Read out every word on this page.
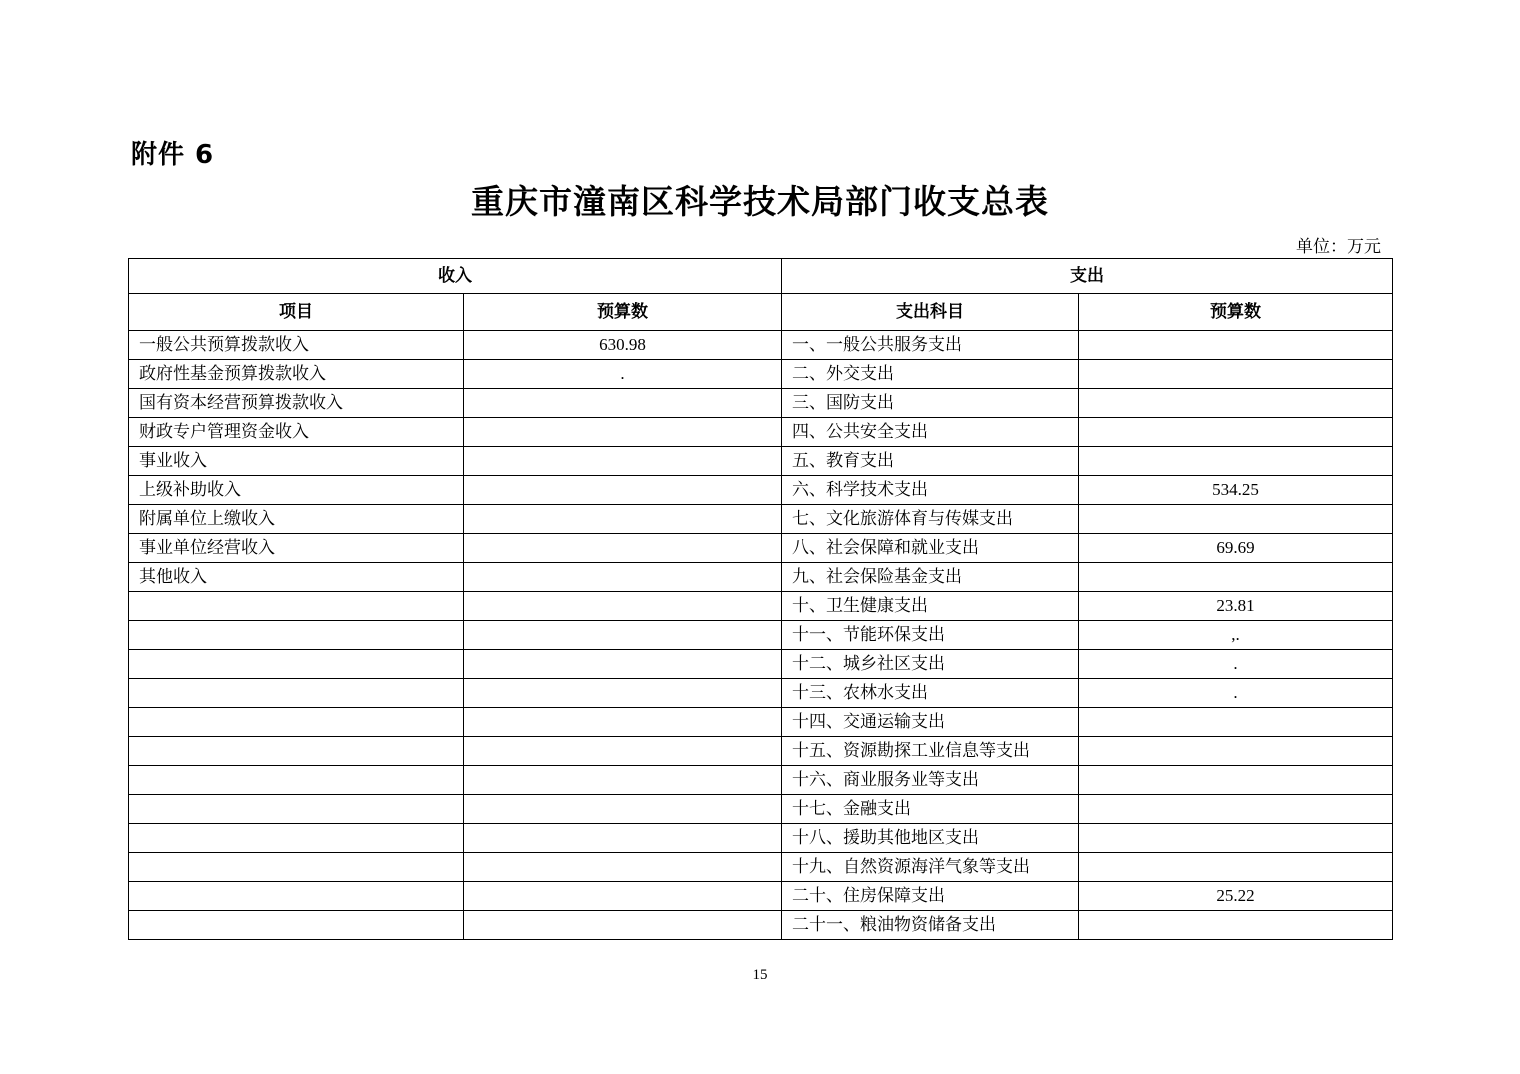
附件 6
重庆市潼南区科学技术局部门收支总表
单位：万元
收入		支出	
项目	预算数	支出科目	预算数
一般公共预算拨款收入	630.98	一、一般公共服务支出	
政府性基金预算拨款收入	.	二、外交支出	
国有资本经营预算拨款收入		三、国防支出	
财政专户管理资金收入		四、公共安全支出	
事业收入		五、教育支出	
上级补助收入		六、科学技术支出	534.25
附属单位上缴收入		七、文化旅游体育与传媒支出	
事业单位经营收入		八、社会保障和就业支出	69.69
其他收入		九、社会保险基金支出	
		十、卫生健康支出	23.81
		十一、节能环保支出	,.
		十二、城乡社区支出	.
		十三、农林水支出	.
		十四、交通运输支出	
		十五、资源勘探工业信息等支出	
		十六、商业服务业等支出	
		十七、金融支出	
		十八、援助其他地区支出	
		十九、自然资源海洋气象等支出	
		二十、住房保障支出	25.22
		二十一、粮油物资储备支出	
15
